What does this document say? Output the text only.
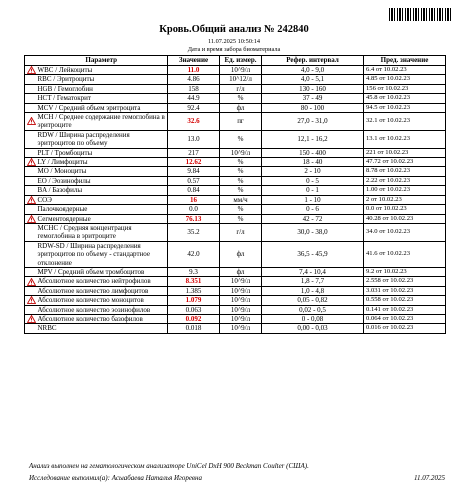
Кровь.Общий анализ № 242840
11.07.2025 10:50:14
Дата и время забора биоматериала
	Параметр	Значение	Ед. измер.	Рефер. интервал	Пред. значение

	WBC / Лейкоциты	11.0	10^9/л	4,0 - 9,0	6.4 от 10.02.23
	RBC / Эритроциты	4.86	10^12/л	4,0 - 5,1	4.85 от 10.02.23
	HGB / Гемоглобин	158	г/л	130 - 160	156 от 10.02.23
	HCT / Гематокрит	44.9	%	37 - 49	45.8 от 10.02.23
	MCV / Средний объем эритроцита	92.4	фл	80 - 100	94.5 от 10.02.23

	MCH / Среднее содержание гемоглобина в эритроците	32.6	пг	27,0 - 31,0	32.1 от 10.02.23
	RDW / Ширина распределения эритроцитов по объему	13.0	%	12,1 - 16,2	13.1 от 10.02.23
	PLT / Тромбоциты	217	10^9/л	150 - 400	221 от 10.02.23

	LY / Лимфоциты	12.62	%	18 - 40	47.72 от 10.02.23
	MO / Моноциты	9.84	%	2 - 10	8.78 от 10.02.23
	EO / Эозинофилы	0.57	%	0 - 5	2.22 от 10.02.23
	BA / Базофилы	0.84	%	0 - 1	1.00 от 10.02.23

	СОЭ	16	мм/ч	1 - 10	2 от 10.02.23
	Палочкоядерные	0.0	%	0 - 6	0.0 от 10.02.23

	Сегментоядерные	76.13	%	42 - 72	40.28 от 10.02.23
	MCHC / Средняя концентрация гемоглобина в эритроците	35.2	г/л	30,0 - 38,0	34.0 от 10.02.23
	RDW-SD / Ширина распределения эритроцитов по объему - стандартное отклонение	42.0	фл	36,5 - 45,9	41.6 от 10.02.23
	MPV / Средний объем тромбоцитов	9.3	фл	7,4 - 10,4	9.2 от 10.02.23

	Абсолютное количество нейтрофилов	8.351	10^9/л	1,8 - 7,7	2.558 от 10.02.23
	Абсолютное количество лимфоцитов	1.385	10^9/л	1,0 - 4,8	3.031 от 10.02.23

	Абсолютное количество моноцитов	1.079	10^9/л	0,05 - 0,82	0.558 от 10.02.23
	Абсолютное количество эозинофилов	0.063	10^9/л	0,02 - 0,5	0.141 от 10.02.23

	Абсолютное количество базофилов	0.092	10^9/л	0 - 0,08	0.064 от 10.02.23
	NRBC	0.018	10^9/л	0,00 - 0,03	0.016 от 10.02.23
Анализ выполнен на гематологическом анализаторе UniCel DxH 900 Beckman Coulter (США).
Исследование выполнил(а): Асыабаева Наталья Игоревна	11.07.2025
